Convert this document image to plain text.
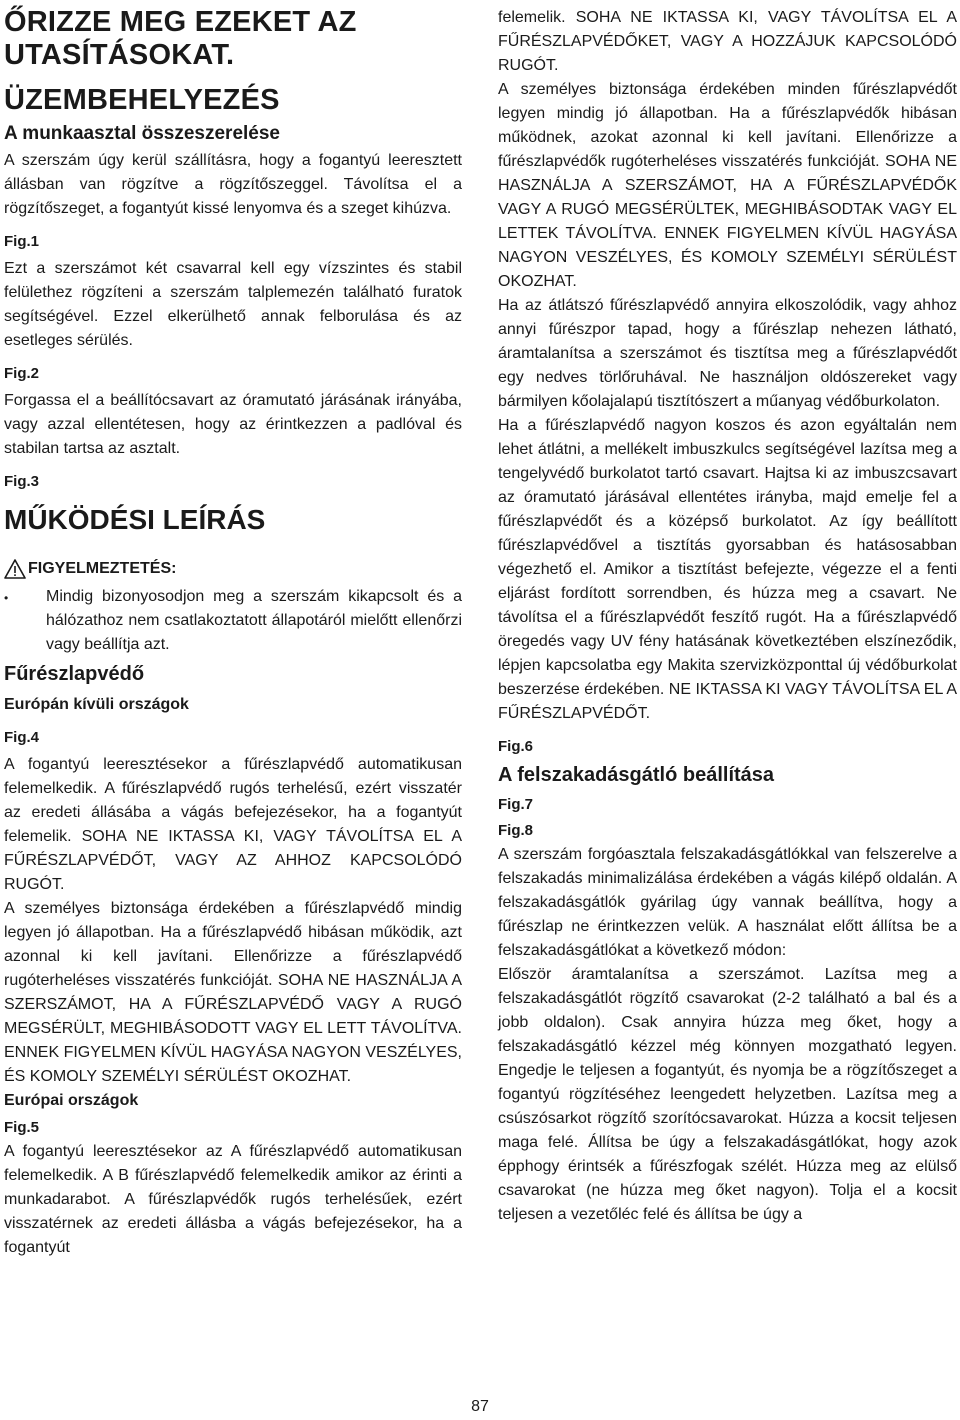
ŐRIZZE MEG EZEKET AZ UTASÍTÁSOKAT.
ÜZEMBEHELYEZÉS
A munkaasztal összeszerelése

A szerszám úgy kerül szállításra, hogy a fogantyú leeresztett állásban van rögzítve a rögzítőszeggel. Távolítsa el a rögzítőszeget, a fogantyút kissé lenyomva és a szeget kihúzva.

Fig.1

Ezt a szerszámot két csavarral kell egy vízszintes és stabil felülethez rögzíteni a szerszám talplemezén található furatok segítségével. Ezzel elkerülhető annak felborulása és az esetleges sérülés.

Fig.2

Forgassa el a beállítócsavart az óramutató járásának irányába, vagy azzal ellentétesen, hogy az érintkezzen a padlóval és stabilan tartsa az asztalt.

Fig.3
MŰKÖDÉSI LEÍRÁS
FIGYELMEZTETÉS:
•	Mindig bizonyosodjon meg a szerszám kikapcsolt és a hálózathoz nem csatlakoztatott állapotáról mielőtt ellenőrzi vagy beállítja azt.

Fűrészlapvédő
Európán kívüli országok
Fig.4

A fogantyú leeresztésekor a fűrészlapvédő automatikusan felemelkedik. A fűrészlapvédő rugós terhelésű, ezért visszatér az eredeti állásába a vágás befejezésekor, ha a fogantyút felemelik. SOHA NE IKTASSA KI, VAGY TÁVOLÍTSA EL A FŰRÉSZLAPVÉDŐT, VAGY AZ AHHOZ KAPCSOLÓDÓ RUGÓT.

A személyes biztonsága érdekében a fűrészlapvédő mindig legyen jó állapotban. Ha a fűrészlapvédő hibásan működik, azt azonnal ki kell javítani. Ellenőrizze a fűrészlapvédő rugóterheléses visszatérés funkcióját. SOHA NE HASZNÁLJA A SZERSZÁMOT, HA A FŰRÉSZLAPVÉDŐ VAGY A RUGÓ MEGSÉRÜLT, MEGHIBÁSODOTT VAGY EL LETT TÁVOLÍTVA. ENNEK FIGYELMEN KÍVÜL HAGYÁSA NAGYON VESZÉLYES, ÉS KOMOLY SZEMÉLYI SÉRÜLÉST OKOZHAT.

Európai országok
Fig.5

A fogantyú leeresztésekor az A fűrészlapvédő automatikusan felemelkedik. A B fűrészlapvédő felemelkedik amikor az érinti a munkadarabot. A fűrészlapvédők rugós terhelésűek, ezért visszatérnek az eredeti állásba a vágás befejezésekor, ha a fogantyút

felemelik. SOHA NE IKTASSA KI, VAGY TÁVOLÍTSA EL A FŰRÉSZLAPVÉDŐKET, VAGY A HOZZÁJUK KAPCSOLÓDÓ RUGÓT.

A személyes biztonsága érdekében minden fűrészlapvédőt legyen mindig jó állapotban. Ha a fűrészlapvédők hibásan működnek, azokat azonnal ki kell javítani. Ellenőrizze a fűrészlapvédők rugóterheléses visszatérés funkcióját. SOHA NE HASZNÁLJA A SZERSZÁMOT, HA A FŰRÉSZLAPVÉDŐK VAGY A RUGÓ MEGSÉRÜLTEK, MEGHIBÁSODTAK VAGY EL LETTEK TÁVOLÍTVA. ENNEK FIGYELMEN KÍVÜL HAGYÁSA NAGYON VESZÉLYES, ÉS KOMOLY SZEMÉLYI SÉRÜLÉST OKOZHAT.

Ha az átlátszó fűrészlapvédő annyira elkoszolódik, vagy ahhoz annyi fűrészpor tapad, hogy a fűrészlap nehezen látható, áramtalanítsa a szerszámot és tisztítsa meg a fűrészlapvédőt egy nedves törlőruhával. Ne használjon oldószereket vagy bármilyen kőolajalapú tisztítószert a műanyag védőburkolaton.

Ha a fűrészlapvédő nagyon koszos és azon egyáltalán nem lehet átlátni, a mellékelt imbuszkulcs segítségével lazítsa meg a tengelyvédő burkolatot tartó csavart. Hajtsa ki az imbuszcsavart az óramutató járásával ellentétes irányba, majd emelje fel a fűrészlapvédőt és a középső burkolatot. Az így beállított fűrészlapvédővel a tisztítás gyorsabban és hatásosabban végezhető el. Amikor a tisztítást befejezte, végezze el a fenti eljárást fordított sorrendben, és húzza meg a csavart. Ne távolítsa el a fűrészlapvédőt feszítő rugót. Ha a fűrészlapvédő öregedés vagy UV fény hatásának következtében elszíneződik, lépjen kapcsolatba egy Makita szervizközponttal új védőburkolat beszerzése érdekében. NE IKTASSA KI VAGY TÁVOLÍTSA EL A FŰRÉSZLAPVÉDŐT.

Fig.6
A felszakadásgátló beállítása
Fig.7
Fig.8

A szerszám forgóasztala felszakadásgátlókkal van felszerelve a felszakadás minimalizálása érdekében a vágás kilépő oldalán. A felszakadásgátlók gyárilag úgy vannak beállítva, hogy a fűrészlap ne érintkezzen velük. A használat előtt állítsa be a felszakadásgátlókat a következő módon:

Először áramtalanítsa a szerszámot. Lazítsa meg a felszakadásgátlót rögzítő csavarokat (2-2 található a bal és a jobb oldalon). Csak annyira húzza meg őket, hogy a felszakadásgátló kézzel még könnyen mozgatható legyen. Engedje le teljesen a fogantyút, és nyomja be a rögzítőszeget a fogantyú rögzítéséhez leengedett helyzetben. Lazítsa meg a csúszósarkot rögzítő szorítócsavarokat. Húzza a kocsit teljesen maga felé. Állítsa be úgy a felszakadásgátlókat, hogy azok épphogy érintsék a fűrészfogak szélét. Húzza meg az elülső csavarokat (ne húzza meg őket nagyon). Tolja el a kocsit teljesen a vezetőléc felé és állítsa be úgy a

87
